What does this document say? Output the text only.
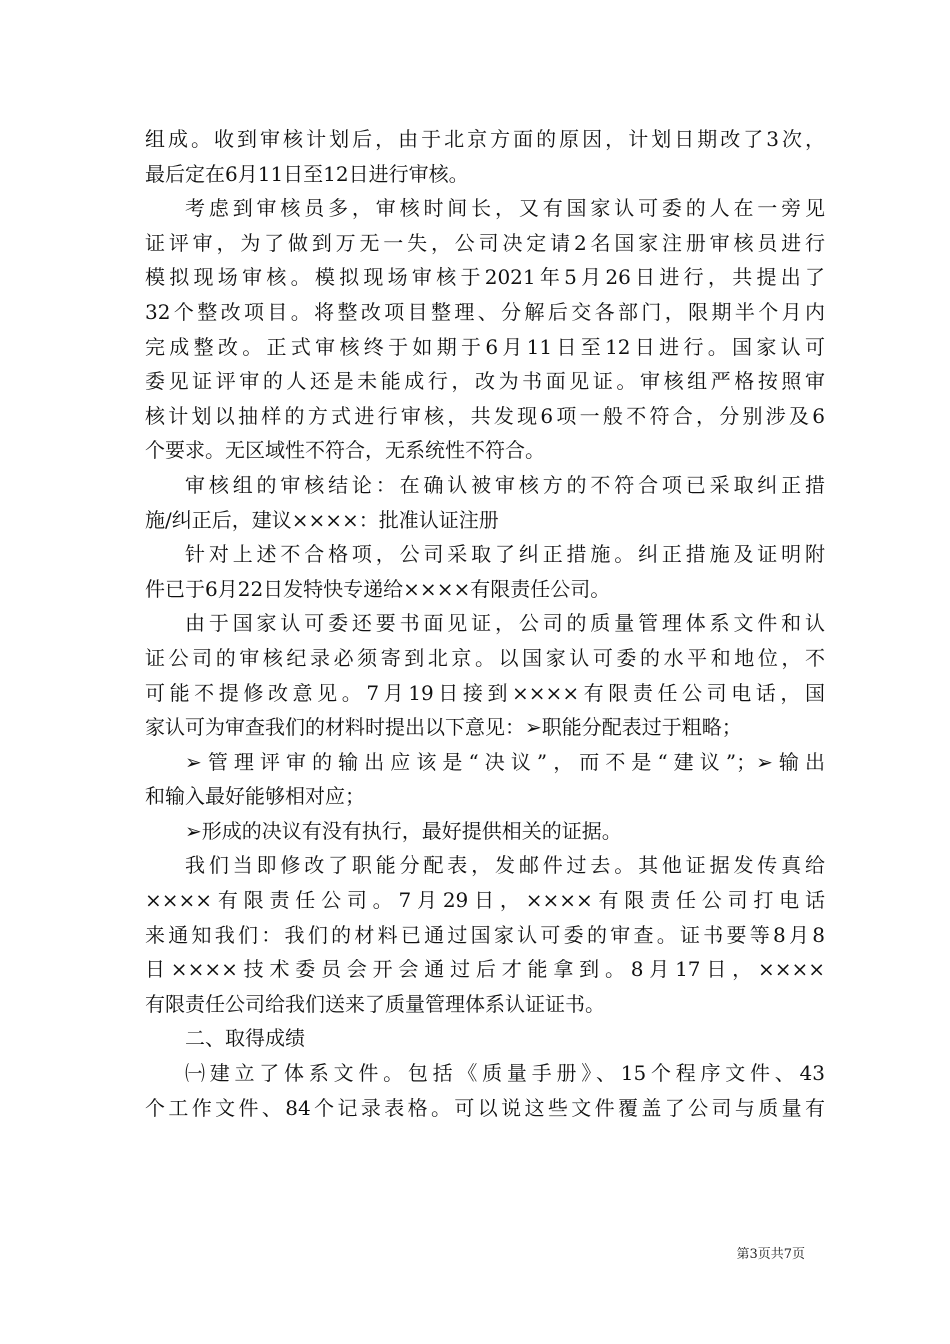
组成。收到审核计划后，由于北京方面的原因，计划日期改了3次，
最后定在6月11日至12日进行审核。
考虑到审核员多，审核时间长，又有国家认可委的人在一旁见
证评审，为了做到万无一失，公司决定请2名国家注册审核员进行
模拟现场审核。模拟现场审核于2021年5月26日进行，共提出了
32个整改项目。将整改项目整理、分解后交各部门，限期半个月内
完成整改。正式审核终于如期于6月11日至12日进行。国家认可
委见证评审的人还是未能成行，改为书面见证。审核组严格按照审
核计划以抽样的方式进行审核，共发现6项一般不符合，分别涉及6
个要求。无区域性不符合，无系统性不符合。
审核组的审核结论：在确认被审核方的不符合项已采取纠正措
施/纠正后，建议××××：批准认证注册
针对上述不合格项，公司采取了纠正措施。纠正措施及证明附
件已于6月22日发特快专递给××××有限责任公司。
由于国家认可委还要书面见证，公司的质量管理体系文件和认
证公司的审核纪录必须寄到北京。以国家认可委的水平和地位，不
可能不提修改意见。7月19日接到××××有限责任公司电话，国
家认可为审查我们的材料时提出以下意见：➢职能分配表过于粗略；
➢管理评审的输出应该是“决议”，而不是“建议”；➢输出
和输入最好能够相对应；
➢形成的决议有没有执行，最好提供相关的证据。
我们当即修改了职能分配表，发邮件过去。其他证据发传真给
××××有限责任公司。7月29日，××××有限责任公司打电话
来通知我们：我们的材料已通过国家认可委的审查。证书要等8月8
日××××技术委员会开会通过后才能拿到。8月17日，××××
有限责任公司给我们送来了质量管理体系认证证书。
二、取得成绩
㈠建立了体系文件。包括《质量手册》、15个程序文件、43
个工作文件、84个记录表格。可以说这些文件覆盖了公司与质量有
第3页共7页
